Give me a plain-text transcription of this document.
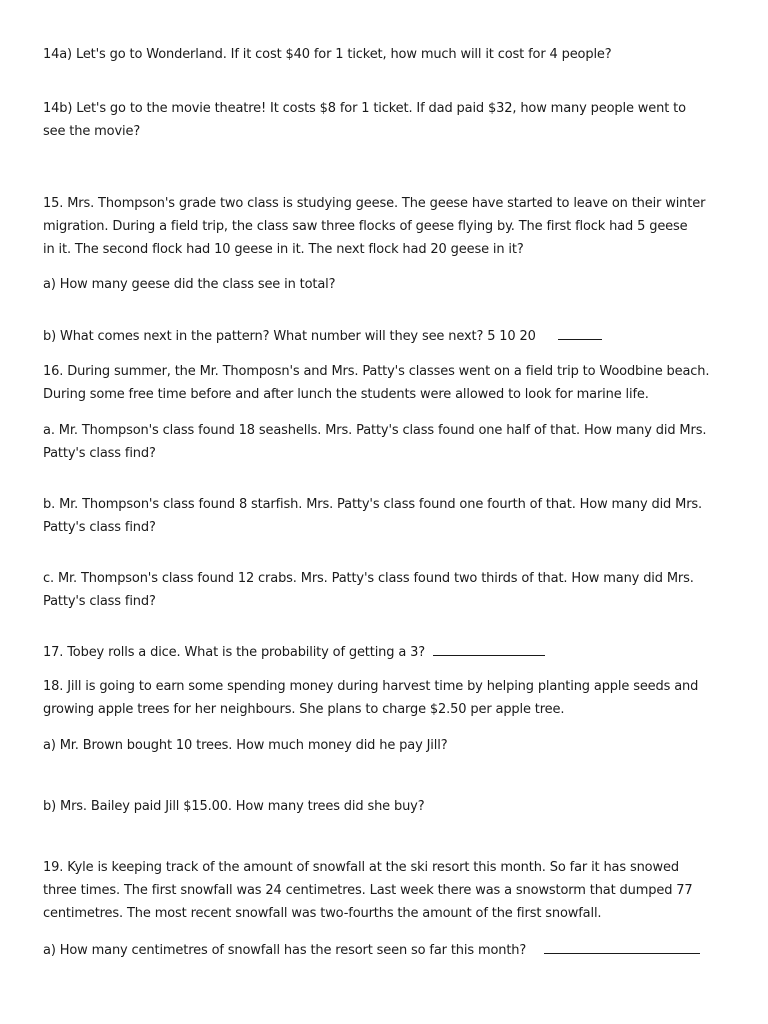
14a) Let's go to Wonderland. If it cost $40 for 1 ticket, how much will it cost for 4 people?
14b) Let's go to the movie theatre! It costs $8 for 1 ticket. If dad paid $32, how many people went to
see the movie?
15. Mrs. Thompson's grade two class is studying geese. The geese have started to leave on their winter
migration. During a field trip, the class saw three flocks of geese flying by. The first flock had 5 geese
in it. The second flock had 10 geese in it. The next flock had 20 geese in it?
a) How many geese did the class see in total?
b) What comes next in the pattern? What number will they see next? 5 10 20
16. During summer, the Mr. Thomposn's and Mrs. Patty's classes went on a field trip to Woodbine beach.
During some free time before and after lunch the students were allowed to look for marine life.
a. Mr. Thompson's class found 18 seashells. Mrs. Patty's class found one half of that. How many did Mrs.
Patty's class find?
b. Mr. Thompson's class found 8 starfish. Mrs. Patty's class found one fourth of that. How many did Mrs.
Patty's class find?
c. Mr. Thompson's class found 12 crabs. Mrs. Patty's class found two thirds of that. How many did Mrs.
Patty's class find?
17. Tobey rolls a dice. What is the probability of getting a 3?
18. Jill is going to earn some spending money during harvest time by helping planting apple seeds and
growing apple trees for her neighbours. She plans to charge $2.50 per apple tree.
a) Mr. Brown bought 10 trees. How much money did he pay Jill?
b) Mrs. Bailey paid Jill $15.00. How many trees did she buy?
19. Kyle is keeping track of the amount of snowfall at the ski resort this month. So far it has snowed
three times. The first snowfall was 24 centimetres. Last week there was a snowstorm that dumped 77
centimetres. The most recent snowfall was two-fourths the amount of the first snowfall.
a) How many centimetres of snowfall has the resort seen so far this month?
